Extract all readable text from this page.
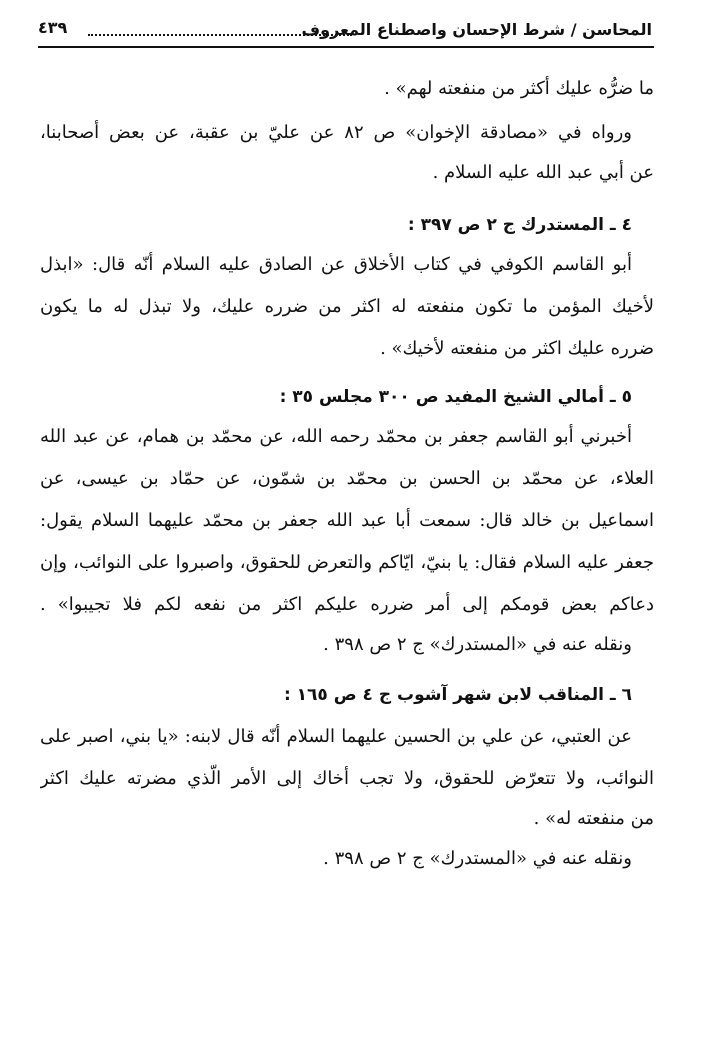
المحاسن / شرط الإحسان واصطناع المعروف
٤٣٩
ما ضرُّه عليك أكثر من منفعته لهم» .
ورواه في «مصادقة الإخوان» ص ٨٢ عن عليّ بن عقبة، عن بعض أصحابنا،
عن أبي عبد الله عليه السلام .
٤ ـ المستدرك ج ٢ ص ٣٩٧ :
أبو القاسم الكوفي في كتاب الأخلاق عن الصادق عليه السلام أنّه قال: «ابذل
لأخيك المؤمن ما تكون منفعته له اكثر من ضرره عليك، ولا تبذل له ما يكون
ضرره عليك اكثر من منفعته لأخيك» .
٥ ـ أمالي الشيخ المفيد ص ٣٠٠ مجلس ٣٥ :
أخبرني أبو القاسم جعفر بن محمّد رحمه الله، عن محمّد بن همام، عن عبد الله
العلاء، عن محمّد بن الحسن بن محمّد بن شمّون، عن حمّاد بن عيسى، عن
اسماعيل بن خالد قال: سمعت أبا عبد الله جعفر بن محمّد عليهما السلام يقول:
جعفر عليه السلام فقال: يا بنيّ، ايّاكم والتعرض للحقوق، واصبروا على النوائب، وإن
دعاكم بعض قومكم إلى أمر ضرره عليكم اكثر من نفعه لكم فلا تجيبوا» .
ونقله عنه في «المستدرك» ج ٢ ص ٣٩٨ .
٦ ـ المناقب لابن شهر آشوب ج ٤ ص ١٦٥ :
عن العتبي، عن علي بن الحسين عليهما السلام أنّه قال لابنه: «يا بني، اصبر على
النوائب، ولا تتعرّض للحقوق، ولا تجب أخاك إلى الأمر الّذي مضرته عليك اكثر
من منفعته له» .
ونقله عنه في «المستدرك» ج ٢ ص ٣٩٨ .
